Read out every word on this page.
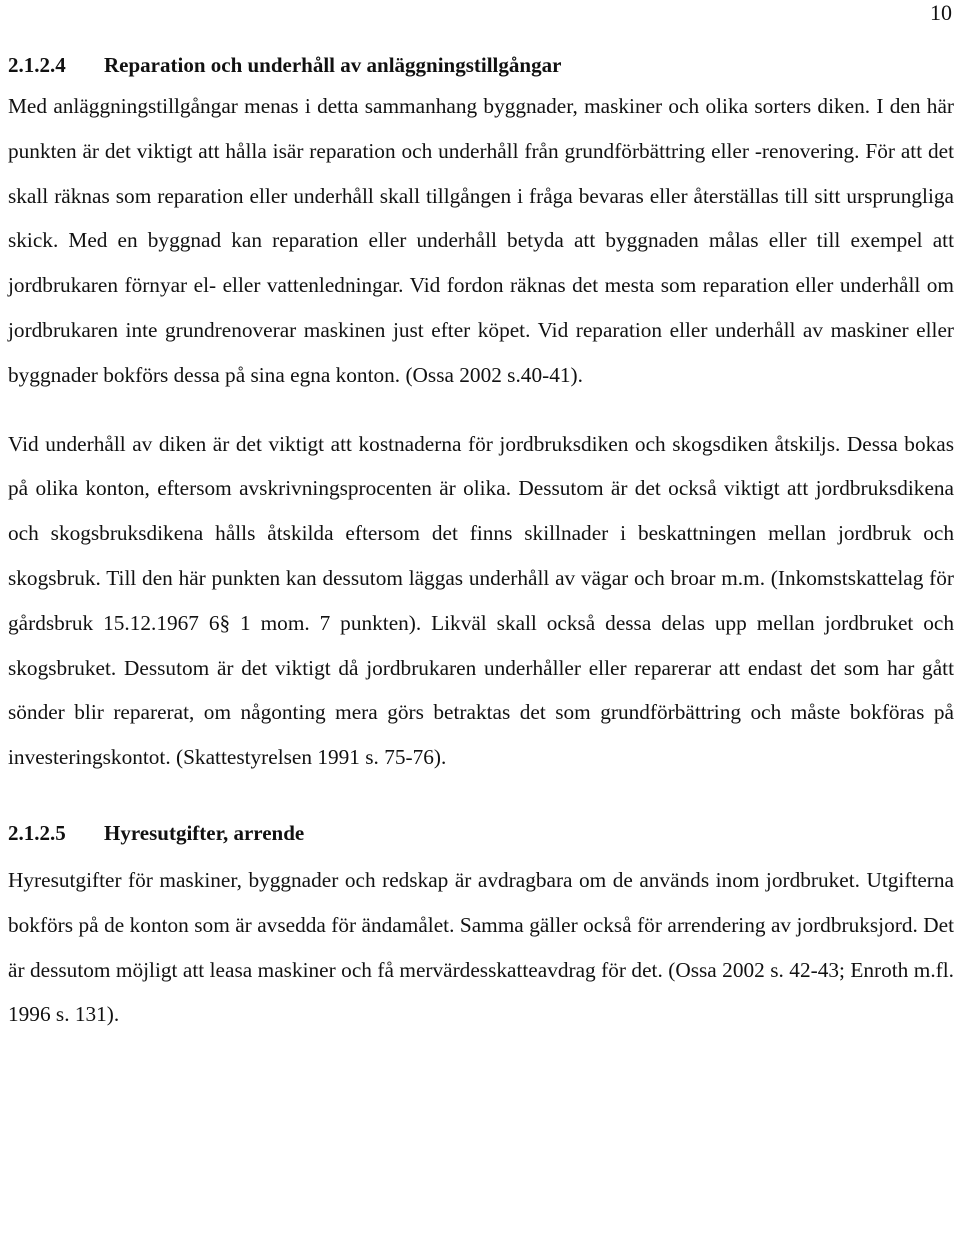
10
2.1.2.4	Reparation och underhåll av anläggningstillgångar

Med anläggningstillgångar menas i detta sammanhang byggnader, maskiner och olika sorters diken. I den här punkten är det viktigt att hålla isär reparation och underhåll från grundförbättring eller -renovering. För att det skall räknas som reparation eller underhåll skall tillgången i fråga bevaras eller återställas till sitt ursprungliga skick. Med en byggnad kan reparation eller underhåll betyda att byggnaden målas eller till exempel att jordbrukaren förnyar el- eller vattenledningar. Vid fordon räknas det mesta som reparation eller underhåll om jordbrukaren inte grundrenoverar maskinen just efter köpet. Vid reparation eller underhåll av maskiner eller byggnader bokförs dessa på sina egna konton. (Ossa 2002 s.40-41).

Vid underhåll av diken är det viktigt att kostnaderna för jordbruksdiken och skogsdiken åtskiljs. Dessa bokas på olika konton, eftersom avskrivningsprocenten är olika. Dessutom är det också viktigt att jordbruksdikena och skogsbruksdikena hålls åtskilda eftersom det finns skillnader i beskattningen mellan jordbruk och skogsbruk. Till den här punkten kan dessutom läggas underhåll av vägar och broar m.m. (Inkomstskattelag för gårdsbruk 15.12.1967 6§ 1 mom. 7 punkten). Likväl skall också dessa delas upp mellan jordbruket och skogsbruket. Dessutom är det viktigt då jordbrukaren underhåller eller reparerar att endast det som har gått sönder blir reparerat, om någonting mera görs betraktas det som grundförbättring och måste bokföras på investeringskontot. (Skattestyrelsen 1991 s. 75-76).

2.1.2.5	Hyresutgifter, arrende

Hyresutgifter för maskiner, byggnader och redskap är avdragbara om de används inom jordbruket. Utgifterna bokförs på de konton som är avsedda för ändamålet. Samma gäller också för arrendering av jordbruksjord. Det är dessutom möjligt att leasa maskiner och få mervärdesskatteavdrag för det. (Ossa 2002 s. 42-43; Enroth m.fl. 1996 s. 131).
